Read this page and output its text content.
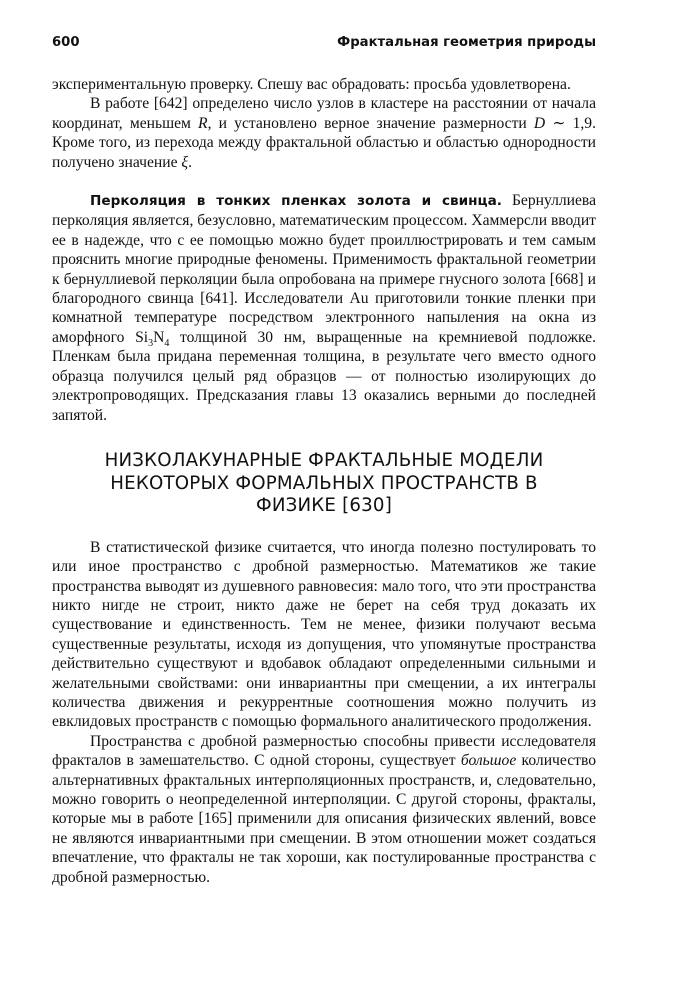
600	Фрактальная геометрия природы

экспериментальную проверку. Спешу вас обрадовать: просьба удовлетворена.

В работе [642] определено число узлов в кластере на расстоянии от начала координат, меньшем R, и установлено верное значение размерности D ∼ 1,9. Кроме того, из перехода между фрактальной областью и областью однородности получено значение ξ.

Перколяция в тонких пленках золота и свинца. Бернуллиева перколяция является, безусловно, математическим процессом. Хаммерсли вводит ее в надежде, что с ее помощью можно будет проиллюстрировать и тем самым прояснить многие природные феномены. Применимость фрактальной геометрии к бернуллиевой перколяции была опробована на примере гнусного золота [668] и благородного свинца [641]. Исследователи Au приготовили тонкие пленки при комнатной температуре посредством электронного напыления на окна из аморфного $Si_3N_4$ толщиной 30 нм, выращенные на кремниевой подложке. Пленкам была придана переменная толщина, в результате чего вместо одного образца получился целый ряд образцов — от полностью изолирующих до электропроводящих. Предсказания главы 13 оказались верными до последней запятой.

НИЗКОЛАКУНАРНЫЕ ФРАКТАЛЬНЫЕ МОДЕЛИ
НЕКОТОРЫХ ФОРМАЛЬНЫХ ПРОСТРАНСТВ В
ФИЗИКЕ [630]

В статистической физике считается, что иногда полезно постулировать то или иное пространство с дробной размерностью. Математиков же такие пространства выводят из душевного равновесия: мало того, что эти пространства никто нигде не строит, никто даже не берет на себя труд доказать их существование и единственность. Тем не менее, физики получают весьма существенные результаты, исходя из допущения, что упомянутые пространства действительно существуют и вдобавок обладают определенными сильными и желательными свойствами: они инвариантны при смещении, а их интегралы количества движения и рекуррентные соотношения можно получить из евклидовых пространств с помощью формального аналитического продолжения.

Пространства с дробной размерностью способны привести исследователя фракталов в замешательство. С одной стороны, существует большое количество альтернативных фрактальных интерполяционных пространств, и, следовательно, можно говорить о неопределенной интерполяции. С другой стороны, фракталы, которые мы в работе [165] применили для описания физических явлений, вовсе не являются инвариантными при смещении. В этом отношении может создаться впечатление, что фракталы не так хороши, как постулированные пространства с дробной размерностью.
